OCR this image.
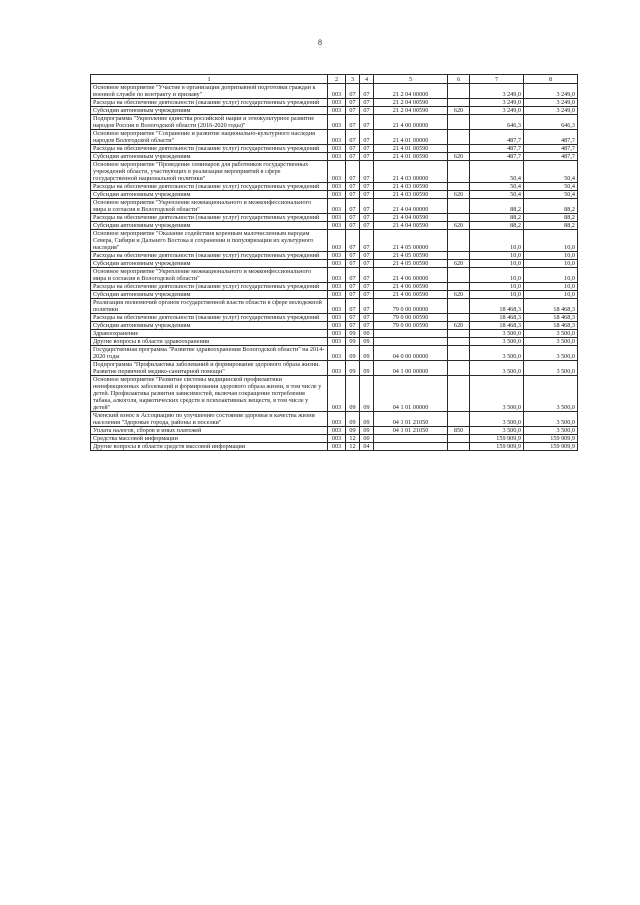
8
1	2	3	4	5	6	7	8
Основное мероприятие "Участие в организации допризывной подготовки граждан к военной службе по контракту и призыву"	003	07	07	21 2 04 00000		3 249,0	3 249,0
Расходы на обеспечение деятельности (оказание услуг) государственных учреждений	003	07	07	21 2 04 00590		3 249,0	3 249,0
Субсидии автономным учреждениям	003	07	07	21 2 04 00590	620	3 249,0	3 249,0
Подпрограмма "Укрепление единства российской нации и этнокультурное развитие народов России в Вологодской области (2016-2020 годы)"	003	07	07	21 4 00 00000		646,3	646,3
Основное мероприятие "Сохранение и развитие национально-культурного наследия народов Вологодской области"	003	07	07	21 4 01 00000		487,7	487,7
Расходы на обеспечение деятельности (оказание услуг) государственных учреждений	003	07	07	21 4 01 00590		487,7	487,7
Субсидии автономным учреждениям	003	07	07	21 4 01 00590	620	487,7	487,7
Основное мероприятие "Проведение семинаров для работников государственных учреждений области, участвующих в реализации мероприятий в сфере государственной национальной политики"	003	07	07	21 4 03 00000		50,4	50,4
Расходы на обеспечение деятельности (оказание услуг) государственных учреждений	003	07	07	21 4 03 00590		50,4	50,4
Субсидии автономным учреждениям	003	07	07	21 4 03 00590	620	50,4	50,4
Основное мероприятие "Укрепление межнационального и межконфессионального мира и согласия в Вологодской области"	003	07	07	21 4 04 00000		88,2	88,2
Расходы на обеспечение деятельности (оказание услуг) государственных учреждений	003	07	07	21 4 04 00590		88,2	88,2
Субсидии автономным учреждениям	003	07	07	21 4 04 00590	620	88,2	88,2
Основное мероприятие "Оказание содействия коренным малочисленным народам Севера, Сибири и Дальнего Востока в сохранении и популяризации их культурного наследия"	003	07	07	21 4 05 00000		10,0	10,0
Расходы на обеспечение деятельности (оказание услуг) государственных учреждений	003	07	07	21 4 05 00590		10,0	10,0
Субсидии автономным учреждениям	003	07	07	21 4 05 00590	620	10,0	10,0
Основное мероприятие "Укрепление межнационального и межконфессионального мира и согласия в Вологодской области"	003	07	07	21 4 06 00000		10,0	10,0
Расходы на обеспечение деятельности (оказание услуг) государственных учреждений	003	07	07	21 4 06 00590		10,0	10,0
Субсидии автономным учреждениям	003	07	07	21 4 06 00590	620	10,0	10,0
Реализация полномочий органов государственной власти области в сфере молодежной политики	003	07	07	79 0 00 00000		18 468,3	18 468,3
Расходы на обеспечение деятельности (оказание услуг) государственных учреждений	003	07	07	79 0 00 00590		18 468,3	18 468,3
Субсидии автономным учреждениям	003	07	07	79 0 00 00590	620	18 468,3	18 468,3
Здравоохранение	003	09	00			3 500,0	3 500,0
Другие вопросы в области здравоохранения	003	09	09			3 500,0	3 500,0
Государственная программа "Развитие здравоохранения Вологодской области" на 2014-2020 годы	003	09	09	04 0 00 00000		3 500,0	3 500,0
Подпрограмма "Профилактика заболеваний и формирование здорового образа жизни. Развитие первичной медико-санитарной помощи"	003	09	09	04 1 00 00000		3 500,0	3 500,0
Основное мероприятие "Развитие системы медицинской профилактики неинфекционных заболеваний и формирования здорового образа жизни, в том числе у детей. Профилактика развития зависимостей, включая сокращение потребления табака, алкоголя, наркотических средств и психоактивных веществ, в том числе у детей"	003	09	09	04 1 01 00000		3 500,0	3 500,0
Членский взнос в Ассоциацию по улучшению состояния здоровья и качества жизни населения "Здоровые города, районы и поселки"	003	09	09	04 1 01 21050		3 500,0	3 500,0
Уплата налогов, сборов и иных платежей	003	09	09	04 1 01 21050	850	3 500,0	3 500,0
Средства массовой информации	003	12	00			159 909,9	159 909,9
Другие вопросы в области средств массовой информации	003	12	04			159 909,9	159 909,9
